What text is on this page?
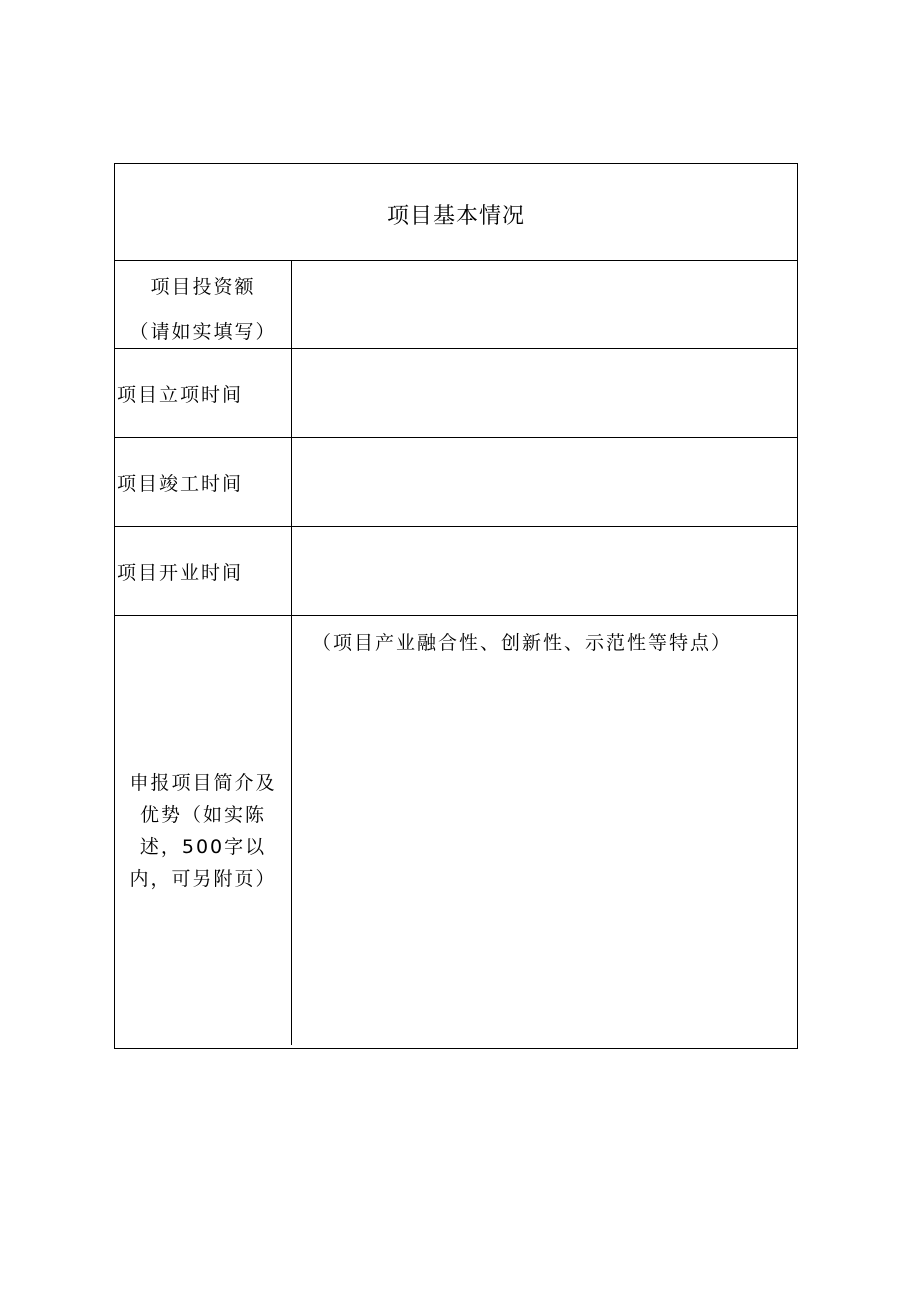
项目基本情况
项目投资额
（请如实填写）
项目立项时间
项目竣工时间
项目开业时间
申报项目简介及优势（如实陈述，500字以内，可另附页）
（项目产业融合性、创新性、示范性等特点）
